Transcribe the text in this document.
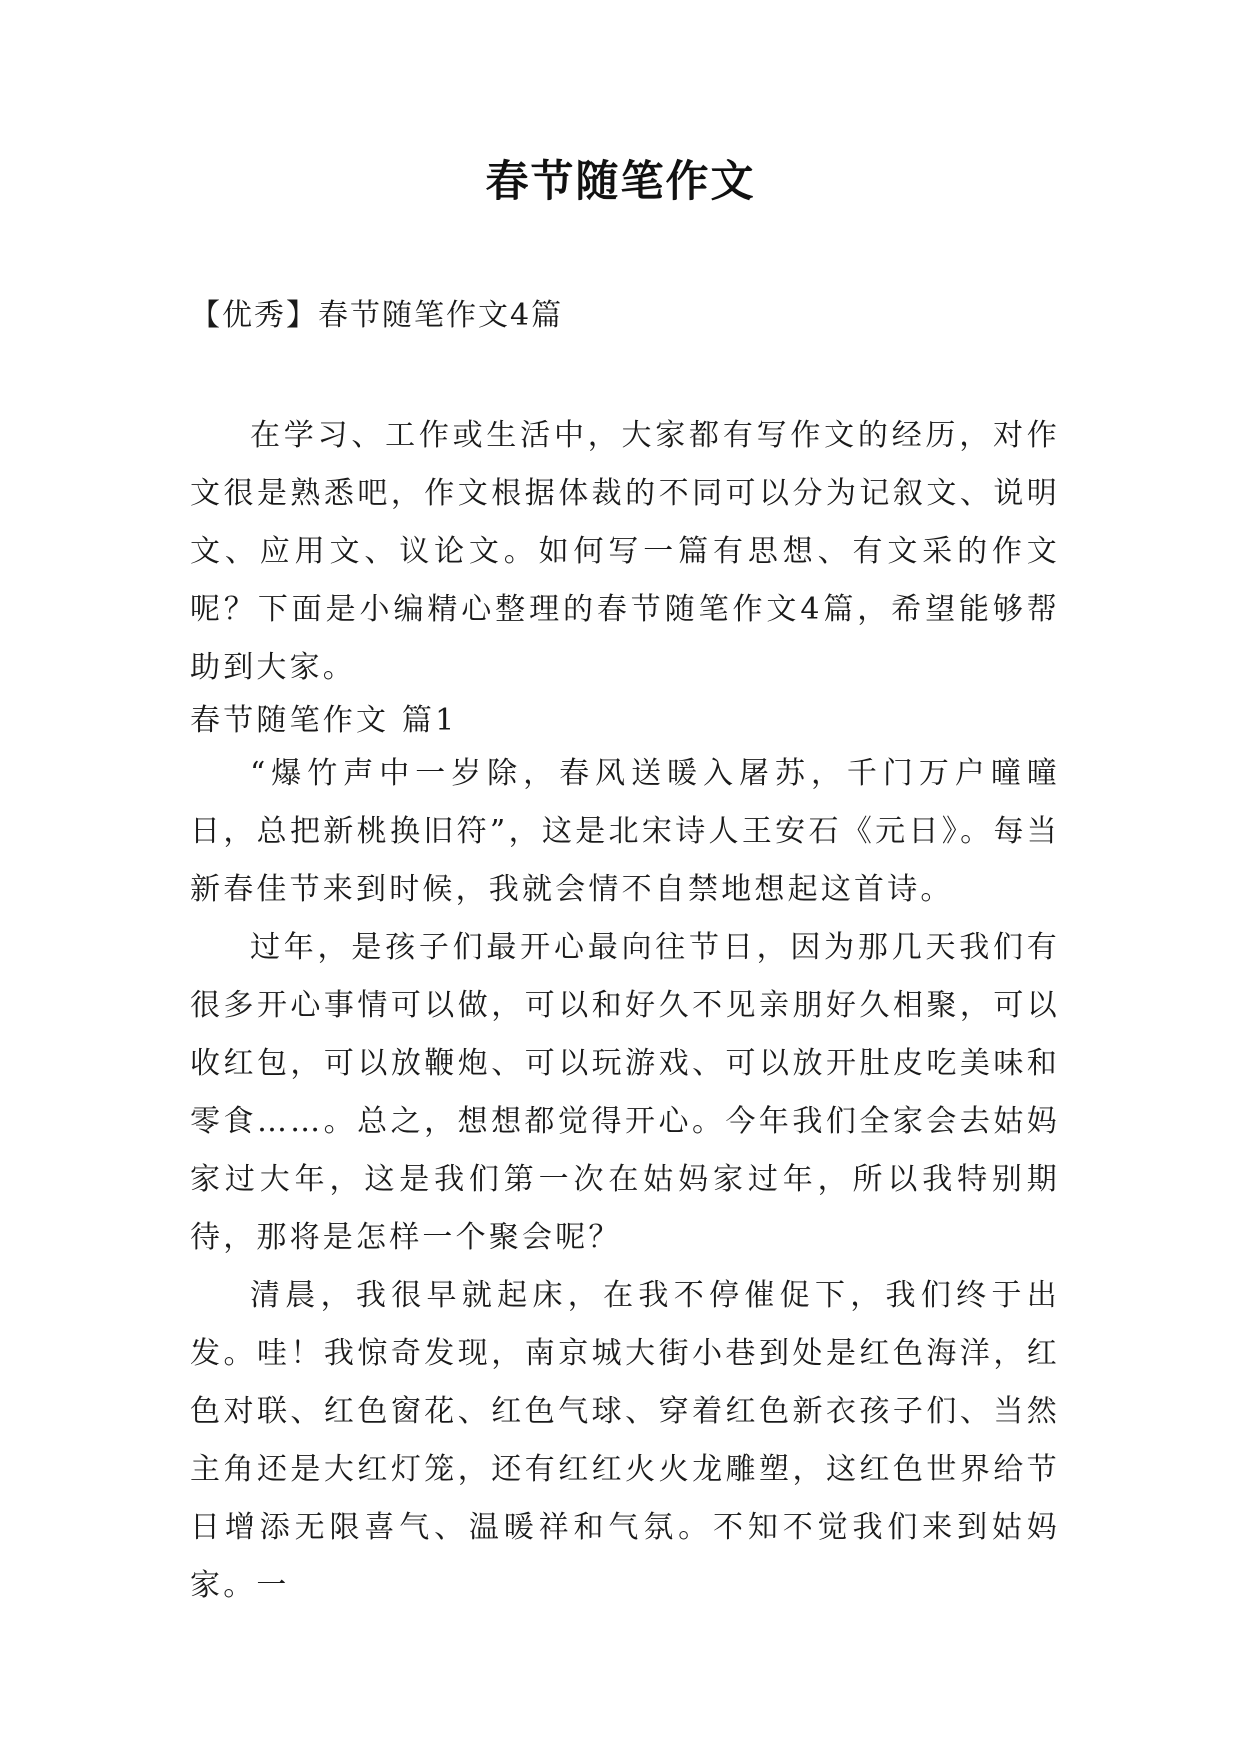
春节随笔作文
【优秀】春节随笔作文4篇

在学习、工作或生活中，大家都有写作文的经历，对作文很是熟悉吧，作文根据体裁的不同可以分为记叙文、说明文、应用文、议论文。如何写一篇有思想、有文采的作文呢？下面是小编精心整理的春节随笔作文4篇，希望能够帮助到大家。

春节随笔作文 篇1

“爆竹声中一岁除，春风送暖入屠苏，千门万户曈曈日，总把新桃换旧符”，这是北宋诗人王安石《元日》。每当新春佳节来到时候，我就会情不自禁地想起这首诗。

过年，是孩子们最开心最向往节日，因为那几天我们有很多开心事情可以做，可以和好久不见亲朋好久相聚，可以收红包，可以放鞭炮、可以玩游戏、可以放开肚皮吃美味和零食……。总之，想想都觉得开心。今年我们全家会去姑妈家过大年，这是我们第一次在姑妈家过年，所以我特别期待，那将是怎样一个聚会呢？

清晨，我很早就起床，在我不停催促下，我们终于出发。哇！我惊奇发现，南京城大街小巷到处是红色海洋，红色对联、红色窗花、红色气球、穿着红色新衣孩子们、当然主角还是大红灯笼，还有红红火火龙雕塑，这红色世界给节日增添无限喜气、温暖祥和气氛。不知不觉我们来到姑妈家。一
